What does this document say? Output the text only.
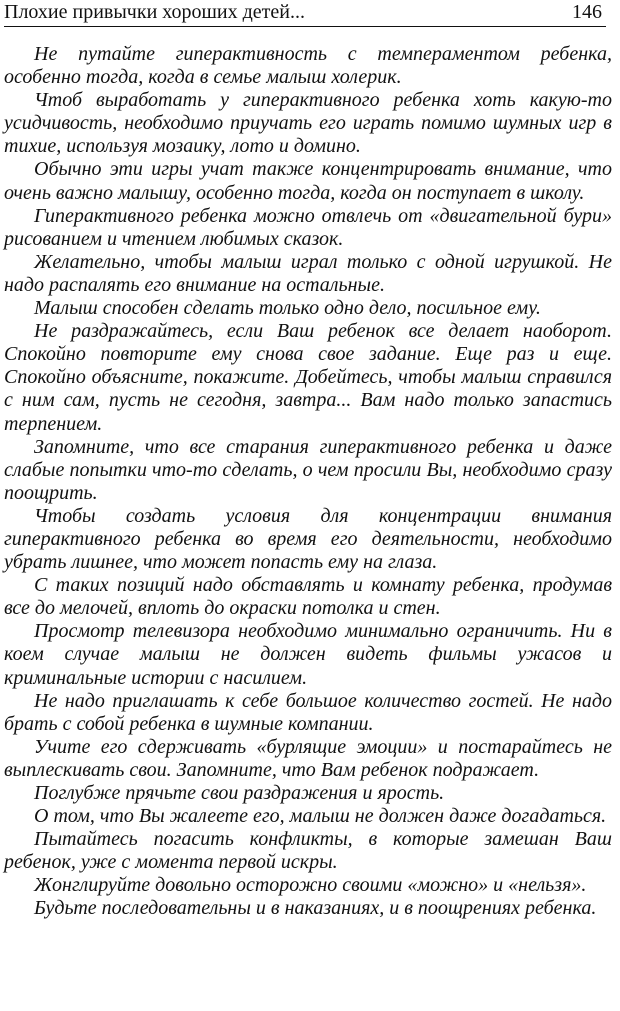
Плохие привычки хороших детей...	146

Не путайте гиперактивность с темпераментом ребенка, особенно тогда, когда в семье малыш холерик.

Чтоб выработать у гиперактивного ребенка хоть какую-то усидчивость, необходимо приучать его играть помимо шумных игр в тихие, используя мозаику, лото и домино.

Обычно эти игры учат также концентрировать внимание, что очень важно малышу, особенно тогда, когда он поступает в школу.

Гиперактивного ребенка можно отвлечь от «двигательной бури» рисованием и чтением любимых сказок.

Желательно, чтобы малыш играл только с одной игрушкой. Не надо распалять его внимание на остальные.

Малыш способен сделать только одно дело, посильное ему.

Не раздражайтесь, если Ваш ребенок все делает наоборот. Спокойно повторите ему снова свое задание. Еще раз и еще. Спокойно объясните, покажите. Добейтесь, чтобы малыш справился с ним сам, пусть не сегодня, завтра... Вам надо только запастись терпением.

Запомните, что все старания гиперактивного ребенка и даже слабые попытки что-то сделать, о чем просили Вы, необходимо сразу поощрить.

Чтобы создать условия для концентрации внимания гиперактивного ребенка во время его деятельности, необходимо убрать лишнее, что может попасть ему на глаза.

С таких позиций надо обставлять и комнату ребенка, продумав все до мелочей, вплоть до окраски потолка и стен.

Просмотр телевизора необходимо минимально ограничить. Ни в коем случае малыш не должен видеть фильмы ужасов и криминальные истории с насилием.

Не надо приглашать к себе большое количество гостей. Не надо брать с собой ребенка в шумные компании.

Учите его сдерживать «бурлящие эмоции» и постарайтесь не выплескивать свои. Запомните, что Вам ребенок подражает.

Поглубже прячьте свои раздражения и ярость.

О том, что Вы жалеете его, малыш не должен даже догадаться.

Пытайтесь погасить конфликты, в которые замешан Ваш ребенок, уже с момента первой искры.

Жонглируйте довольно осторожно своими «можно» и «нельзя».

Будьте последовательны и в наказаниях, и в поощрениях ребенка.
